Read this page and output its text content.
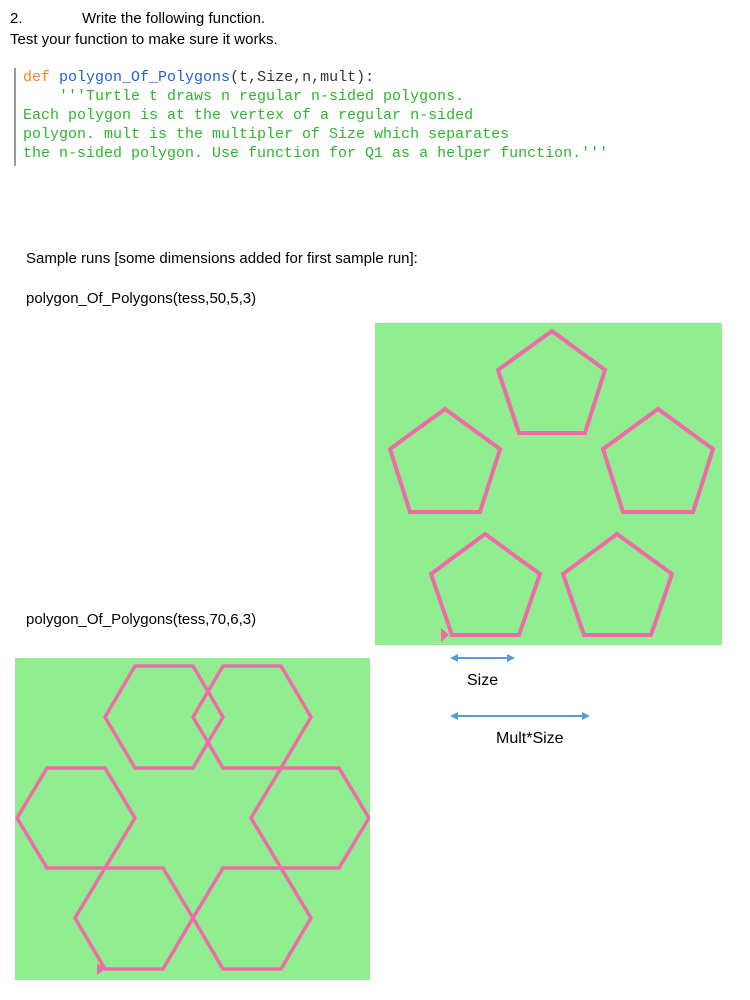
2.	Write the following function.
Test your function to make sure it works.
def polygon_Of_Polygons(t,Size,n,mult):
'''Turtle t draws n regular n-sided polygons.
Each polygon is at the vertex of a regular n-sided
polygon. mult is the multipler of Size which separates
the n-sided polygon. Use function for Q1 as a helper function.'''
Sample runs [some dimensions added for first sample run]:
polygon_Of_Polygons(tess,50,5,3)
polygon_Of_Polygons(tess,70,6,3)
Size
Mult*Size
